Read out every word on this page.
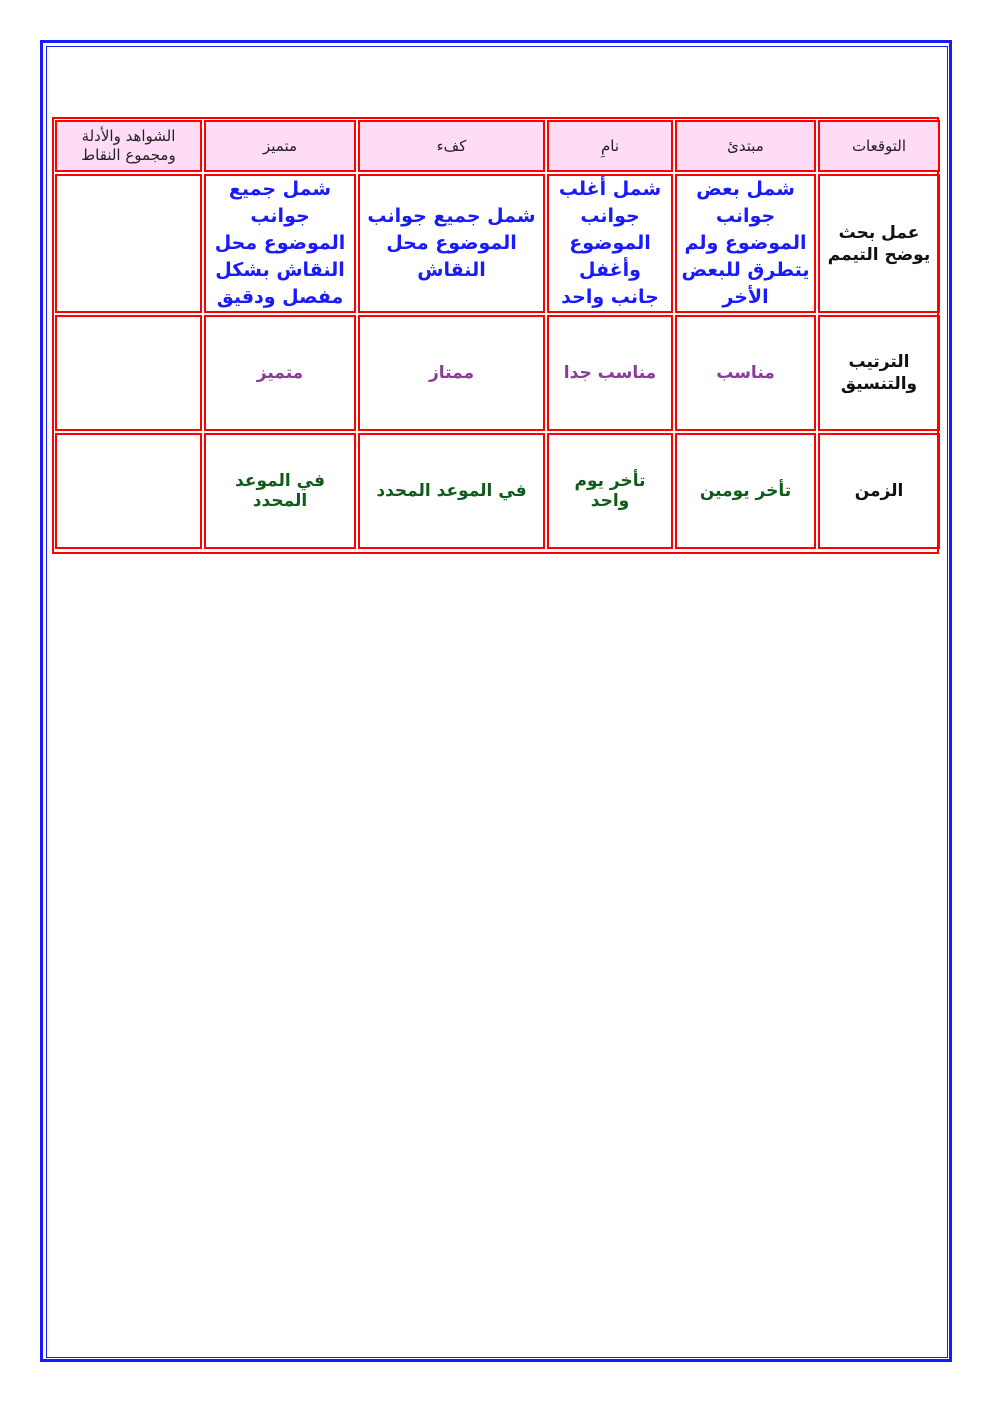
التوقعات	مبتدئ	نامِ	كفء	متميز	الشواهد والأدلة ومجموع النقاط
عمل بحث يوضح التيمم	شمل بعض جوانب الموضوع ولم يتطرق للبعض الأخر	شمل أغلب جوانب الموضوع وأغفل جانب واحد	شمل جميع جوانب الموضوع محل النقاش	شمل جميع جوانب الموضوع محل النقاش بشكل مفصل ودقيق	
الترتيب والتنسيق	مناسب	مناسب جدا	ممتاز	متميز	
الزمن	تأخر يومين	تأخر يوم واحد	في الموعد المحدد	في الموعد المحدد	
